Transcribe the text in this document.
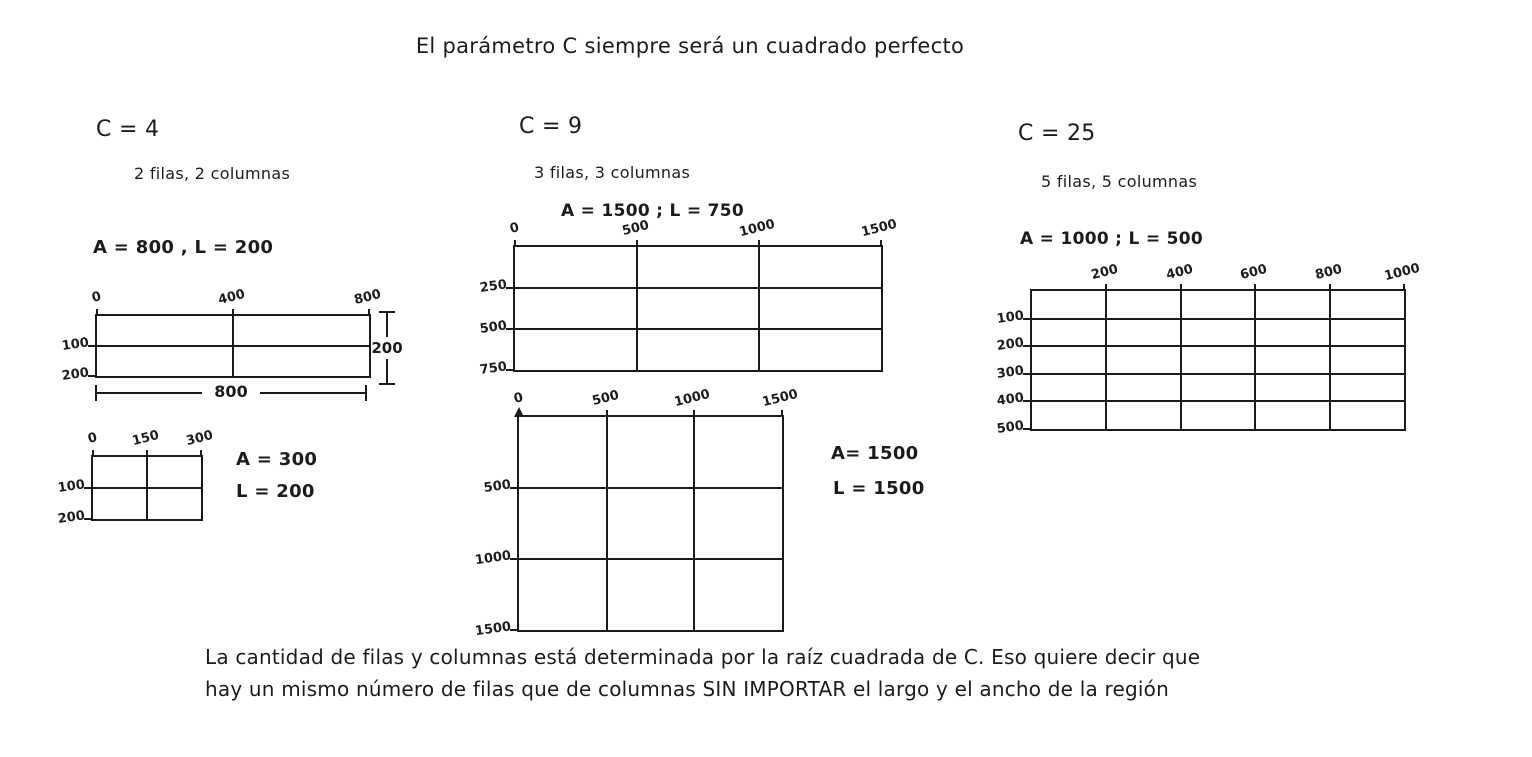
El parámetro C siempre será un cuadrado perfecto
C = 4
2 filas, 2 columnas
A = 800 , L = 200
0	400	800
100
200
200
800
0 150 300
100
200
A = 300
L = 200
C = 9
3 filas, 3 columnas
A = 1500 ; L = 750
0	500	1000	1500
250
500
750
0	500	1000	1500
500
1000
1500
A= 1500
L = 1500
C = 25
5 filas, 5 columnas
A = 1000 ; L = 500
200	400	600	800	1000
100
200
300
400
500
La cantidad de filas y columnas está determinada por la raíz cuadrada de C. Eso quiere decir que
hay un mismo número de filas que de columnas SIN IMPORTAR el largo y el ancho de la región
